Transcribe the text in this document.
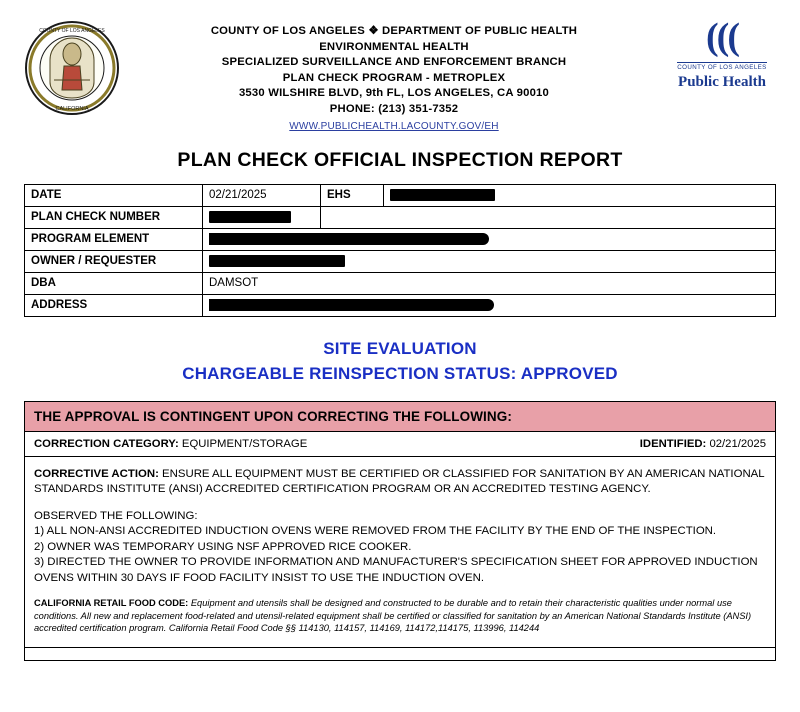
COUNTY OF LOS ANGELES
CALIFORNIA
COUNTY OF LOS ANGELES ❖ DEPARTMENT OF PUBLIC HEALTH
ENVIRONMENTAL HEALTH
SPECIALIZED SURVEILLANCE AND ENFORCEMENT BRANCH
PLAN CHECK PROGRAM - METROPLEX
3530 WILSHIRE BLVD, 9th FL, LOS ANGELES, CA 90010
PHONE: (213) 351-7352
WWW.PUBLICHEALTH.LACOUNTY.GOV/EH
(((
COUNTY OF LOS ANGELES
Public Health
PLAN CHECK OFFICIAL INSPECTION REPORT
DATE	02/21/2025	EHS	
PLAN CHECK NUMBER			
PROGRAM ELEMENT			
OWNER / REQUESTER			
DBA	DAMSOT		
ADDRESS			
SITE EVALUATION
CHARGEABLE REINSPECTION STATUS: APPROVED
THE APPROVAL IS CONTINGENT UPON CORRECTING THE FOLLOWING:
CORRECTION CATEGORY: EQUIPMENT/STORAGE	IDENTIFIED: 02/21/2025
CORRECTIVE ACTION: ENSURE ALL EQUIPMENT MUST BE CERTIFIED OR CLASSIFIED FOR SANITATION BY AN AMERICAN NATIONAL STANDARDS INSTITUTE (ANSI) ACCREDITED CERTIFICATION PROGRAM OR AN ACCREDITED TESTING AGENCY.
OBSERVED THE FOLLOWING:
1) ALL NON-ANSI ACCREDITED INDUCTION OVENS WERE REMOVED FROM THE FACILITY BY THE END OF THE INSPECTION.
2) OWNER WAS TEMPORARY USING NSF APPROVED RICE COOKER.
3) DIRECTED THE OWNER TO PROVIDE INFORMATION AND MANUFACTURER'S SPECIFICATION SHEET FOR APPROVED INDUCTION OVENS WITHIN 30 DAYS IF FOOD FACILITY INSIST TO USE THE INDUCTION OVEN.
CALIFORNIA RETAIL FOOD CODE: Equipment and utensils shall be designed and constructed to be durable and to retain their characteristic qualities under normal use conditions. All new and replacement food-related and utensil-related equipment shall be certified or classified for sanitation by an American National Standards Institute (ANSI) accredited certification program. California Retail Food Code §§ 114130, 114157, 114169, 114172,114175, 113996, 114244
